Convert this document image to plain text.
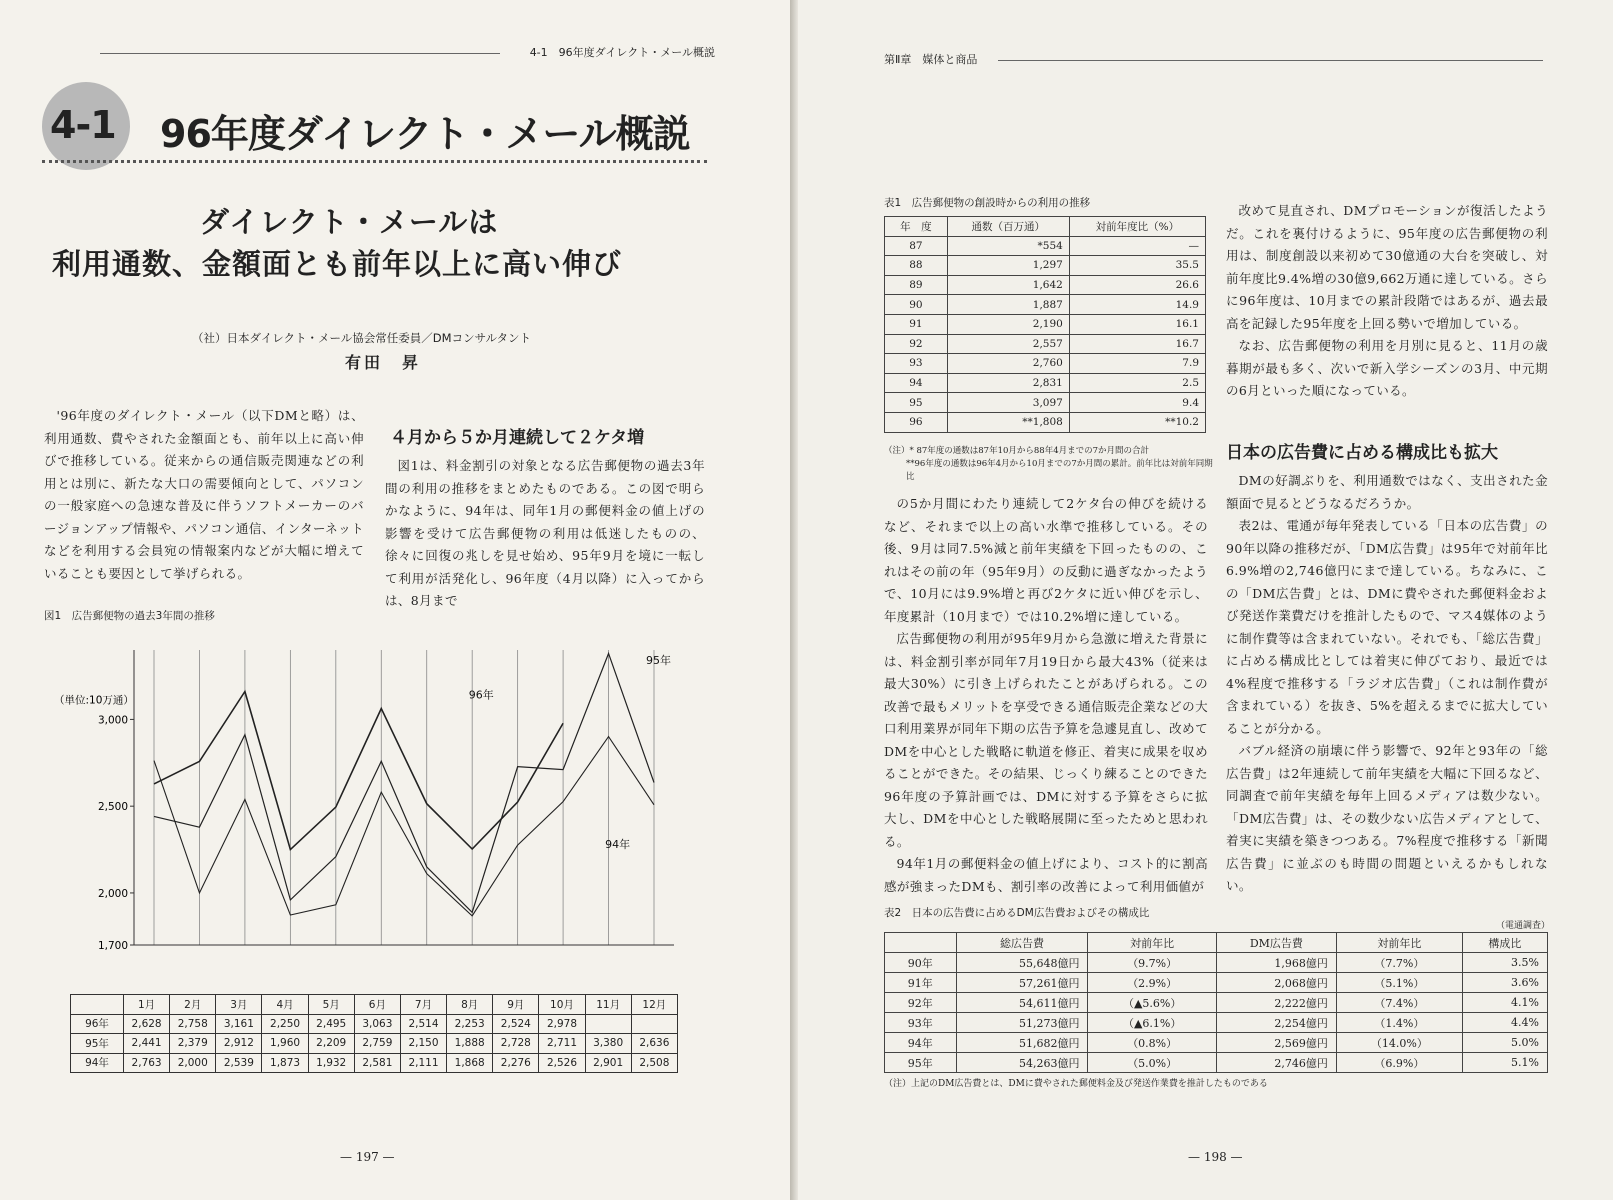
4-1　96年度ダイレクト・メール概説
4-1 96年度ダイレクト・メール概説
ダイレクト・メールは
利用通数、金額面とも前年以上に高い伸び
（社）日本ダイレクト・メール協会常任委員／DMコンサルタント
有田　昇

'96年度のダイレクト・メール（以下DMと略）は、利用通数、費やされた金額面とも、前年以上に高い伸びで推移している。従来からの通信販売関連などの利用とは別に、新たな大口の需要傾向として、パソコンの一般家庭への急速な普及に伴うソフトメーカーのバージョンアップ情報や、パソコン通信、インターネットなどを利用する会員宛の情報案内などが大幅に増えていることも要因として挙げられる。

４月から５か月連続して２ケタ増

図1は、料金割引の対象となる広告郵便物の過去3年間の利用の推移をまとめたものである。この図で明らかなように、94年は、同年1月の郵便料金の値上げの影響を受けて広告郵便物の利用は低迷したものの、徐々に回復の兆しを見せ始め、95年9月を境に一転して利用が活発化し、96年度（4月以降）に入ってからは、8月まで

図1　広告郵便物の過去3年間の推移
3,000
2,500
2,000
1,700
（単位:10万通）	96年
95年
94年
	1月	2月	3月	4月	5月	6月	7月	8月	9月	10月	11月	12月
96年	2,628	2,758	3,161	2,250	2,495	3,063	2,514	2,253	2,524	2,978		
95年	2,441	2,379	2,912	1,960	2,209	2,759	2,150	1,888	2,728	2,711	3,380	2,636
94年	2,763	2,000	2,539	1,873	1,932	2,581	2,111	1,868	2,276	2,526	2,901	2,508
— 197 —
第Ⅱ章　媒体と商品
表1　広告郵便物の創設時からの利用の推移
年　度	通数（百万通）	対前年度比（%）
87	*554	—
88	1,297	35.5
89	1,642	26.6
90	1,887	14.9
91	2,190	16.1
92	2,557	16.7
93	2,760	7.9
94	2,831	2.5
95	3,097	9.4
96	**1,808	**10.2
（注）* 87年度の通数は87年10月から88年4月までの7か月間の合計
**96年度の通数は96年4月から10月までの7か月間の累計。前年比は対前年同期比

の5か月間にわたり連続して2ケタ台の伸びを続けるなど、それまで以上の高い水準で推移している。その後、9月は同7.5%減と前年実績を下回ったものの、これはその前の年（95年9月）の反動に過ぎなかったようで、10月には9.9%増と再び2ケタに近い伸びを示し、年度累計（10月まで）では10.2%増に達している。

広告郵便物の利用が95年9月から急激に増えた背景には、料金割引率が同年7月19日から最大43%（従来は最大30%）に引き上げられたことがあげられる。この改善で最もメリットを享受できる通信販売企業などの大口利用業界が同年下期の広告予算を急遽見直し、改めてDMを中心とした戦略に軌道を修正、着実に成果を収めることができた。その結果、じっくり練ることのできた96年度の予算計画では、DMに対する予算をさらに拡大し、DMを中心とした戦略展開に至ったためと思われる。

94年1月の郵便料金の値上げにより、コスト的に割高感が強まったDMも、割引率の改善によって利用価値が

改めて見直され、DMプロモーションが復活したようだ。これを裏付けるように、95年度の広告郵便物の利用は、制度創設以来初めて30億通の大台を突破し、対前年度比9.4%増の30億9,662万通に達している。さらに96年度は、10月までの累計段階ではあるが、過去最高を記録した95年度を上回る勢いで増加している。

なお、広告郵便物の利用を月別に見ると、11月の歳暮期が最も多く、次いで新入学シーズンの3月、中元期の6月といった順になっている。

日本の広告費に占める構成比も拡大

DMの好調ぶりを、利用通数ではなく、支出された金額面で見るとどうなるだろうか。

表2は、電通が毎年発表している「日本の広告費」の90年以降の推移だが、「DM広告費」は95年で対前年比6.9%増の2,746億円にまで達している。ちなみに、この「DM広告費」とは、DMに費やされた郵便料金および発送作業費だけを推計したもので、マス4媒体のように制作費等は含まれていない。それでも、「総広告費」に占める構成比としては着実に伸びており、最近では4%程度で推移する「ラジオ広告費」（これは制作費が含まれている）を抜き、5%を超えるまでに拡大していることが分かる。

バブル経済の崩壊に伴う影響で、92年と93年の「総広告費」は2年連続して前年実績を大幅に下回るなど、同調査で前年実績を毎年上回るメディアは数少ない。「DM広告費」は、その数少ない広告メディアとして、着実に実績を築きつつある。7%程度で推移する「新聞広告費」に並ぶのも時間の問題といえるかもしれない。

表2　日本の広告費に占めるDM広告費およびその構成比
（電通調査）
	総広告費	対前年比	DM広告費	対前年比	構成比
90年	55,648億円	（9.7%）	1,968億円	（7.7%）	3.5%
91年	57,261億円	（2.9%）	2,068億円	（5.1%）	3.6%
92年	54,611億円	（▲5.6%）	2,222億円	（7.4%）	4.1%
93年	51,273億円	（▲6.1%）	2,254億円	（1.4%）	4.4%
94年	51,682億円	（0.8%）	2,569億円	（14.0%）	5.0%
95年	54,263億円	（5.0%）	2,746億円	（6.9%）	5.1%
（注）上記のDM広告費とは、DMに費やされた郵便料金及び発送作業費を推計したものである
— 198 —
